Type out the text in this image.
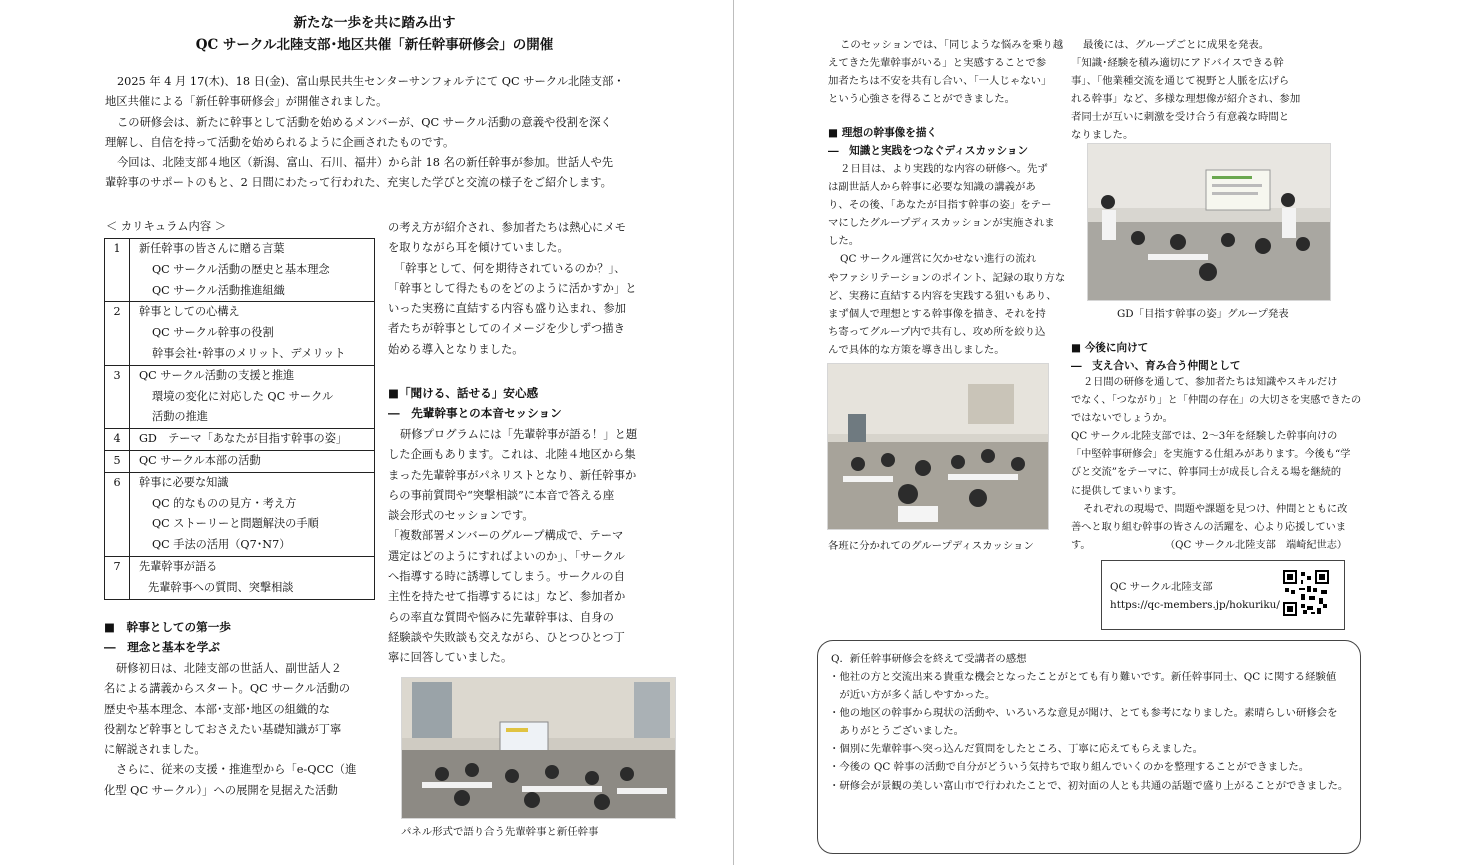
新たな一歩を共に踏み出す
QC サークル北陸支部･地区共催「新任幹事研修会」の開催
2025 年 4 月 17(木)、18 日(金)、富山県民共生センターサンフォルテにて QC サークル北陸支部・
地区共催による「新任幹事研修会」が開催されました。
この研修会は、新たに幹事として活動を始めるメンバーが、QC サークル活動の意義や役割を深く
理解し、自信を持って活動を始められるように企画されたものです。
今回は、北陸支部４地区（新潟、富山、石川、福井）から計 18 名の新任幹事が参加。世話人や先
輩幹事のサポートのもと、2 日間にわたって行われた、充実した学びと交流の様子をご紹介します。
＜ カリキュラム内容 ＞
1	新任幹事の皆さんに贈る言葉
QC サークル活動の歴史と基本理念
QC サークル活動推進組織
2	幹事としての心構え
QC サークル幹事の役割
幹事会社･幹事のメリット、デメリット
3	QC サークル活動の支援と推進
環境の変化に対応した QC サークル
活動の推進
4	GD　テーマ「あなたが目指す幹事の姿」
5	QC サークル本部の活動
6	幹事に必要な知識
QC 的なものの見方・考え方
QC ストーリーと問題解決の手順
QC 手法の活用（Q7･N7）
7	先輩幹事が語る
先輩幹事への質問、突撃相談
■　幹事としての第一歩
―　理念と基本を学ぶ
研修初日は、北陸支部の世話人、副世話人２
名による講義からスタート。QC サークル活動の
歴史や基本理念、本部･支部･地区の組織的な
役割など幹事としておさえたい基礎知識が丁寧
に解説されました。
さらに、従来の支援・推進型から「e-QCC（進
化型 QC サークル）」への展開を見据えた活動
の考え方が紹介され、参加者たちは熱心にメモ
を取りながら耳を傾けていました。
「幹事として、何を期待されているのか？」、
「幹事として得たものをどのように活かすか」と
いった実務に直結する内容も盛り込まれ、参加
者たちが幹事としてのイメージを少しずつ描き
始める導入となりました。
■「聞ける、話せる」安心感
―　先輩幹事との本音セッション
研修プログラムには「先輩幹事が語る！」と題
した企画もあります。これは、北陸４地区から集
まった先輩幹事がパネリストとなり、新任幹事か
らの事前質問や“突撃相談”に本音で答える座
談会形式のセッションです。
「複数部署メンバーのグループ構成で、テーマ
選定はどのようにすればよいのか」、「サークル
へ指導する時に誘導してしまう。サークルの自
主性を持たせて指導するには」など、参加者か
らの率直な質問や悩みに先輩幹事は、自身の
経験談や失敗談も交えながら、ひとつひとつ丁
寧に回答していました。
パネル形式で語り合う先輩幹事と新任幹事
このセッションでは、「同じような悩みを乗り越
えてきた先輩幹事がいる」と実感することで参
加者たちは不安を共有し合い、「一人じゃない」
という心強さを得ることができました。
■ 理想の幹事像を描く
―　知識と実践をつなぐディスカッション
２日目は、より実践的な内容の研修へ。先ず
は副世話人から幹事に必要な知識の講義があ
り、その後、「あなたが目指す幹事の姿」をテー
マにしたグループディスカッションが実施されま
した。
QC サークル運営に欠かせない進行の流れ
やファシリテーションのポイント、記録の取り方な
ど、実務に直結する内容を実践する狙いもあり、
まず個人で理想とする幹事像を描き、それを持
ち寄ってグループ内で共有し、攻め所を絞り込
んで具体的な方策を導き出しました。
各班に分かれてのグループディスカッション
最後には、グループごとに成果を発表。
「知識･経験を積み適切にアドバイスできる幹
事」、「他業種交流を通じて視野と人脈を広げら
れる幹事」など、多様な理想像が紹介され、参加
者同士が互いに刺激を受け合う有意義な時間と
なりました。
GD「目指す幹事の姿」グループ発表
■ 今後に向けて
―　支え合い、育み合う仲間として
２日間の研修を通して、参加者たちは知識やスキルだけ
でなく、「つながり」と「仲間の存在」の大切さを実感できたの
ではないでしょうか。
QC サークル北陸支部では、2～3年を経験した幹事向けの
「中堅幹事研修会」を実施する仕組みがあります。今後も“学
びと交流”をテーマに、幹事同士が成長し合える場を継続的
に提供してまいります。
それぞれの現場で、問題や課題を見つけ、仲間とともに改
善へと取り組む幹事の皆さんの活躍を、心より応援していま
す。	（QC サークル北陸支部　端崎紀世志）
QC サークル北陸支部
https://qc-members.jp/hokuriku/
Q．新任幹事研修会を終えて受講者の感想
・他社の方と交流出来る貴重な機会となったことがとても有り難いです。新任幹事同士、QC に関する経験値
　が近い方が多く話しやすかった。
・他の地区の幹事から現状の活動や、いろいろな意見が聞け、とても参考になりました。素晴らしい研修会を
　ありがとうございました。
・個別に先輩幹事へ突っ込んだ質問をしたところ、丁寧に応えてもらえました。
・今後の QC 幹事の活動で自分がどういう気持ちで取り組んでいくのかを整理することができました。
・研修会が景観の美しい富山市で行われたことで、初対面の人とも共通の話題で盛り上がることができました。
